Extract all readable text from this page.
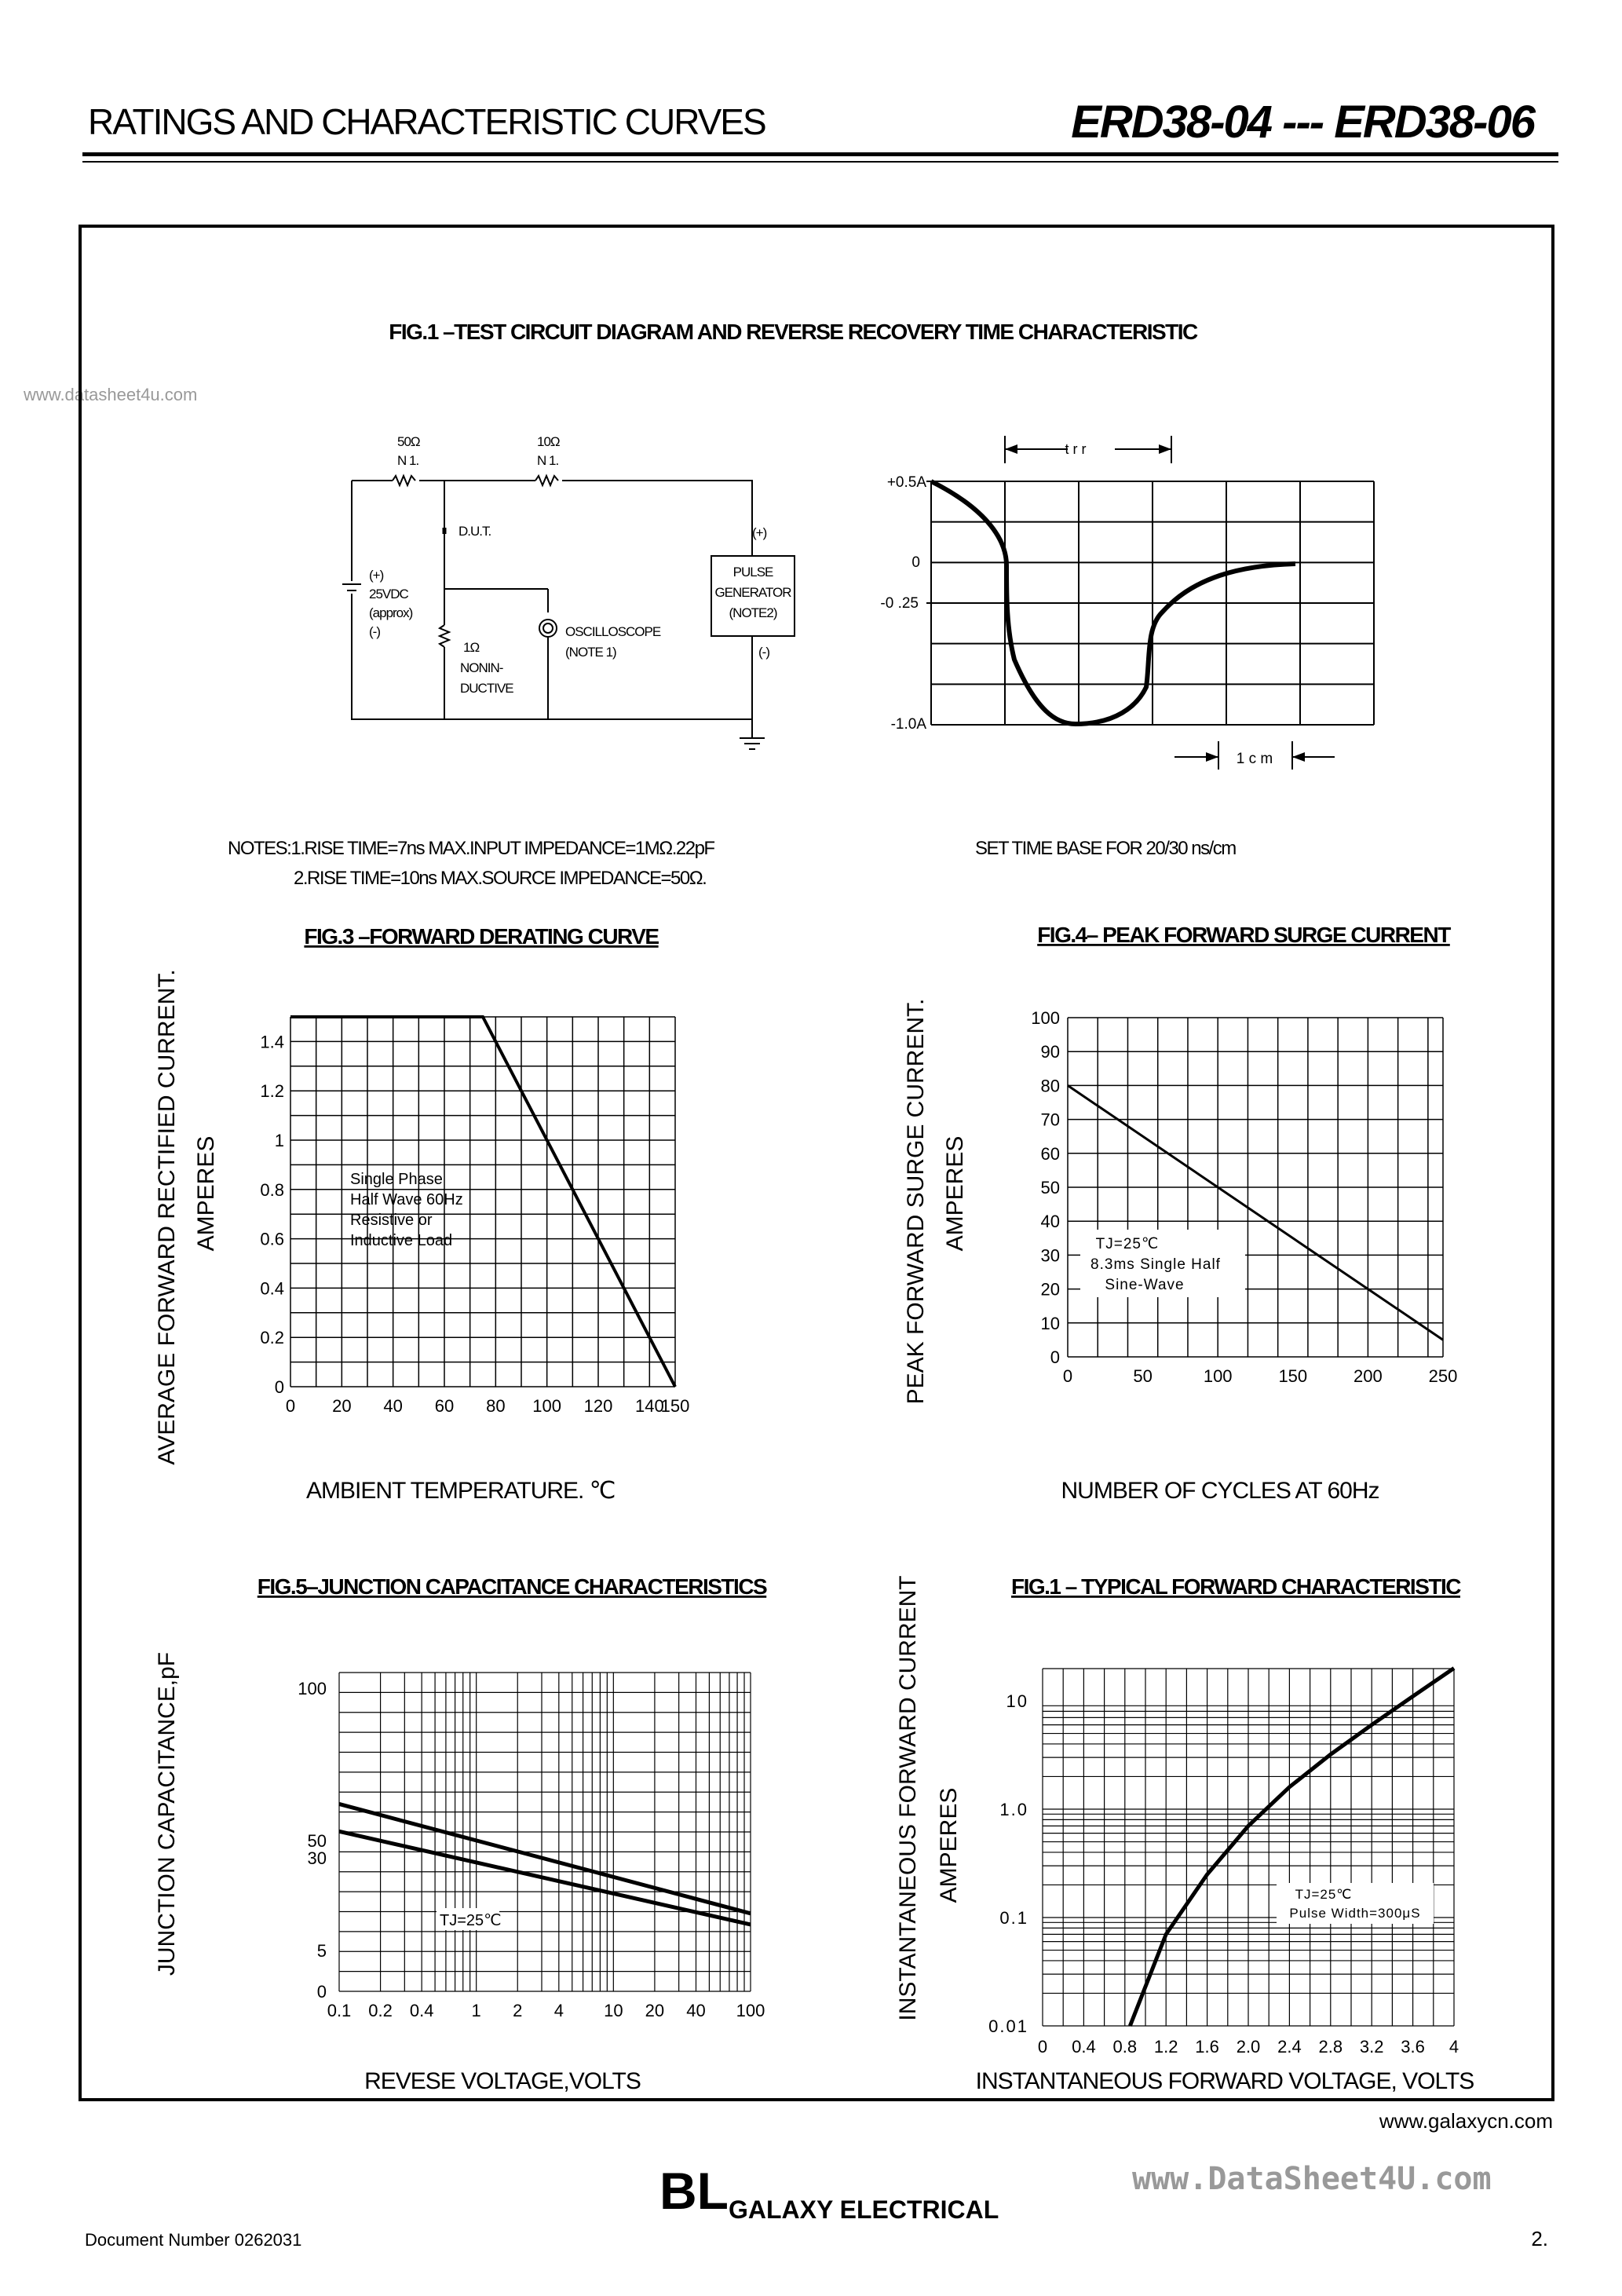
RATINGS AND CHARACTERISTIC CURVES	ERD38-04 --- ERD38-06
www.datasheet4u.com
FIG.1 –TEST CIRCUIT DIAGRAM AND REVERSE RECOVERY TIME CHARACTERISTIC
50Ω
N 1.
10Ω
N 1.
D.U.T.	(+)
(-)
(+)
25VDC
(approx)
(-)
PULSE
GENERATOR
(NOTE2)
OSCILLOSCOPE
(NOTE 1)
1Ω
NONIN-
DUCTIVE
+0.5A
0
-0 .25
-1.0A
t r r
1 c m
NOTES:1.RISE TIME=7ns MAX.INPUT IMPEDANCE=1MΩ.22pF
2.RISE TIME=10ns MAX.SOURCE IMPEDANCE=50Ω.
SET TIME BASE FOR 20/30 ns/cm
FIG.3 –FORWARD DERATING CURVE
0 20 40 60 80 100 120 140
150
0
0.2
0.4
0.6
0.8
1
1.2
1.4
Single Phase
Half Wave 60Hz
Resistive or
Inductive Load
AVERAGE FORWARD RECTIFIED CURRENT. AMPERES
AMBIENT TEMPERATURE. ℃
FIG.4– PEAK FORWARD SURGE CURRENT
0	50	100	150	200	250
0
10
20
30
40
50
60
70
80
90
100
TJ=25℃
8.3ms Single Half
Sine-Wave
PEAK FORWARD SURGE CURRENT. AMPERES
NUMBER OF CYCLES AT 60Hz
FIG.5–JUNCTION CAPACITANCE CHARACTERISTICS
0.1 0.2 0.4 1 2 4 10 20 40 100
0
5
30
50
100
TJ=25℃
JUNCTION CAPACITANCE,pF
REVESE VOLTAGE,VOLTS
FIG.1 – TYPICAL FORWARD CHARACTERISTIC
0 0.4 0.8 1.2 1.6 2.0 2.4 2.8 3.2 3.6 4
0.01
0.1
1.0
10
TJ=25℃
Pulse Width=300μS
INSTANTANEOUS FORWARD CURRENT AMPERES
INSTANTANEOUS FORWARD VOLTAGE, VOLTS
www.galaxycn.com
www.DataSheet4U.com
BL GALAXY ELECTRICAL
Document Number 0262031	2.
